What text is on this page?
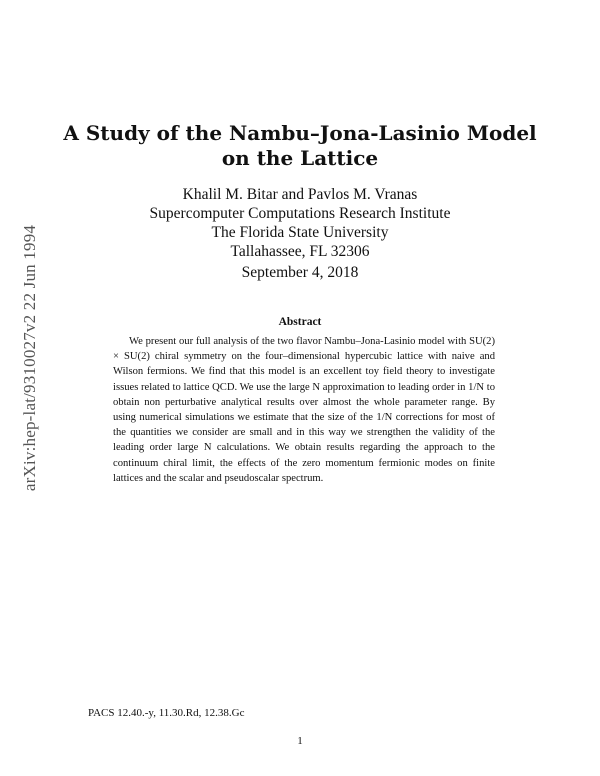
arXiv:hep-lat/9310027v2 22 Jun 1994
A Study of the Nambu–Jona-Lasinio Model
on the Lattice
Khalil M. Bitar and Pavlos M. Vranas
Supercomputer Computations Research Institute
The Florida State University
Tallahassee, FL 32306
September 4, 2018
Abstract
We present our full analysis of the two flavor Nambu–Jona-Lasinio model with SU(2) × SU(2) chiral symmetry on the four–dimensional hypercubic lattice with naive and Wilson fermions. We find that this model is an excellent toy field theory to investigate issues related to lattice QCD. We use the large N approximation to leading order in 1/N to obtain non perturbative analytical results over almost the whole parameter range. By using numerical simulations we estimate that the size of the 1/N corrections for most of the quantities we consider are small and in this way we strengthen the validity of the leading order large N calculations. We obtain results regarding the approach to the continuum chiral limit, the effects of the zero momentum fermionic modes on finite lattices and the scalar and pseudoscalar spectrum.
PACS 12.40.-y, 11.30.Rd, 12.38.Gc
1
